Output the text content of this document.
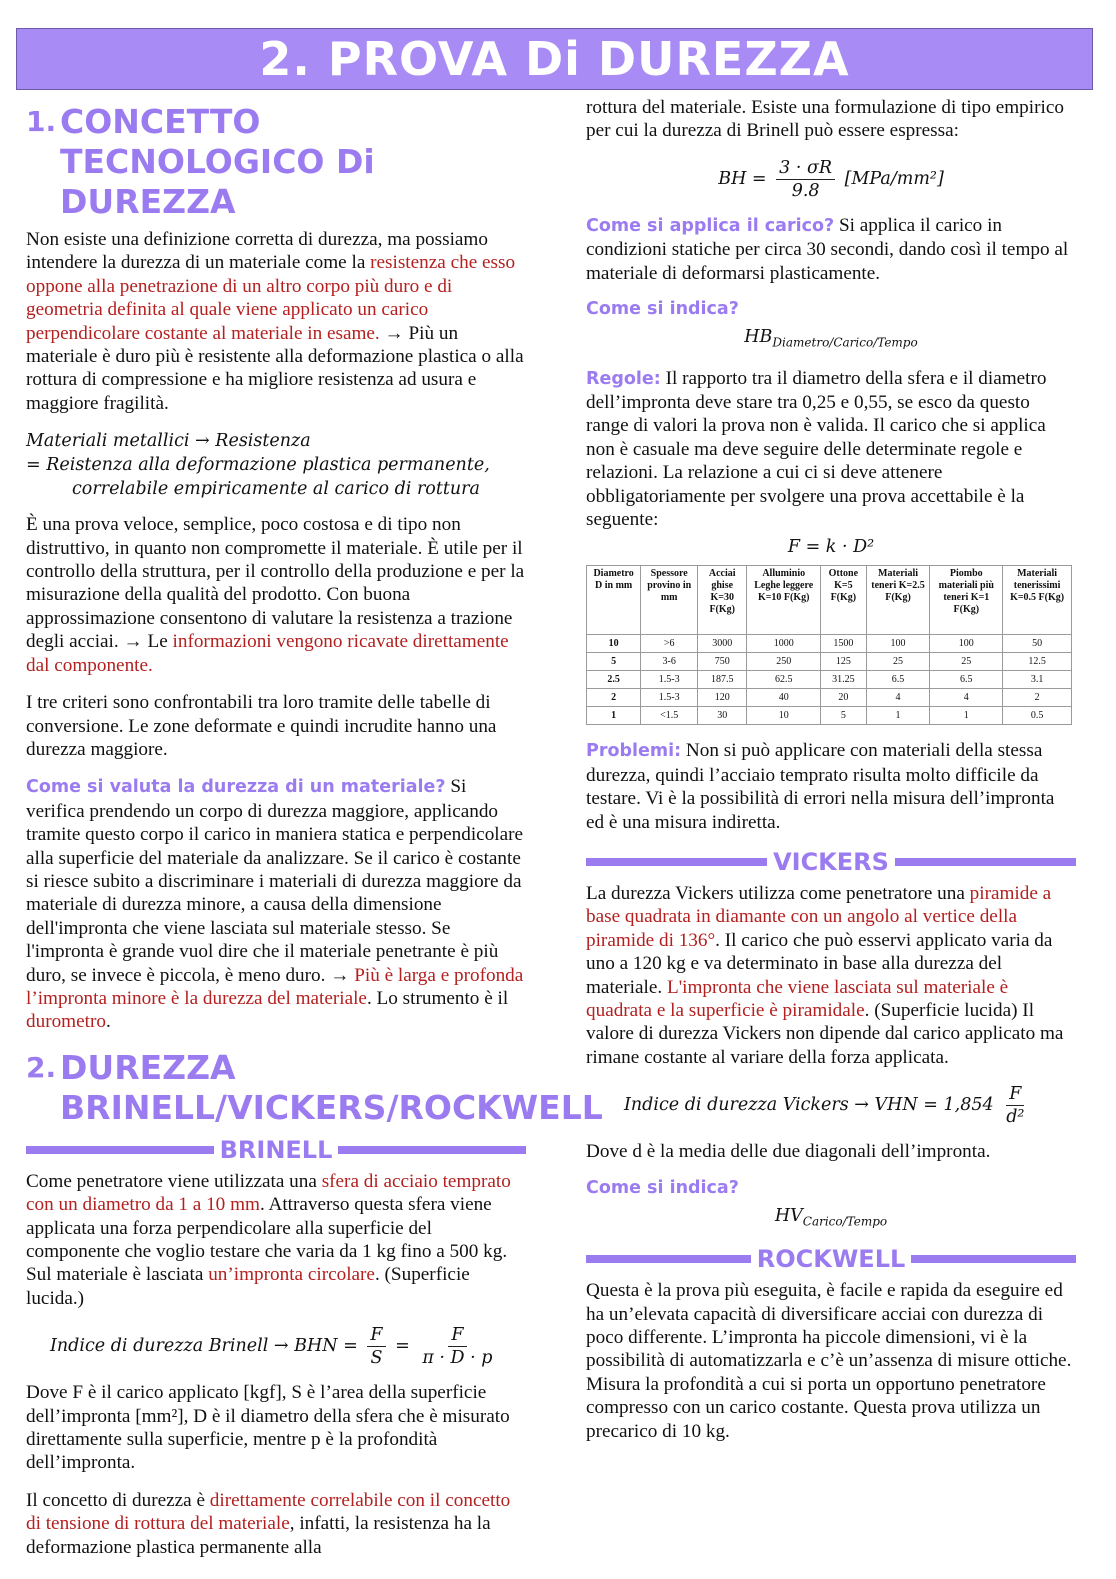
2. PROVA Di DUREZZA
1. CONCETTO TECNOLOGICO Di DUREZZA

Non esiste una definizione corretta di durezza, ma possiamo intendere la durezza di un materiale come la resistenza che esso oppone alla penetrazione di un altro corpo più duro e di geometria definita al quale viene applicato un carico perpendicolare costante al materiale in esame. → Più un materiale è duro più è resistente alla deformazione plastica o alla rottura di compressione e ha migliore resistenza ad usura e maggiore fragilità.

Materiali metallici → Resistenza
= Reistenza alla deformazione plastica permanente,
correlabile empiricamente al carico di rottura

È una prova veloce, semplice, poco costosa e di tipo non distruttivo, in quanto non compromette il materiale. È utile per il controllo della struttura, per il controllo della produzione e per la misurazione della qualità del prodotto. Con buona approssimazione consentono di valutare la resistenza a trazione degli acciai. → Le informazioni vengono ricavate direttamente dal componente.

I tre criteri sono confrontabili tra loro tramite delle tabelle di conversione. Le zone deformate e quindi incrudite hanno una durezza maggiore.

Come si valuta la durezza di un materiale? Si verifica prendendo un corpo di durezza maggiore, applicando tramite questo corpo il carico in maniera statica e perpendicolare alla superficie del materiale da analizzare. Se il carico è costante si riesce subito a discriminare i materiali di durezza maggiore da materiale di durezza minore, a causa della dimensione dell'impronta che viene lasciata sul materiale stesso. Se l'impronta è grande vuol dire che il materiale penetrante è più duro, se invece è piccola, è meno duro. → Più è larga e profonda l’impronta minore è la durezza del materiale. Lo strumento è il durometro.

2. DUREZZA BRINELL/VICKERS/ROCKWELL
BRINELL

Come penetratore viene utilizzata una sfera di acciaio temprato con un diametro da 1 a 10 mm. Attraverso questa sfera viene applicata una forza perpendicolare alla superficie del componente che voglio testare che varia da 1 kg fino a 500 kg. Sul materiale è lasciata un’impronta circolare. (Superficie lucida.)

Indice di durezza Brinell → BHN = $\frac{F}{S} = \frac{F}{\pi \cdot D \cdot p}$

Dove F è il carico applicato [kgf], S è l’area della superficie dell’impronta [mm²], D è il diametro della sfera che è misurato direttamente sulla superficie, mentre p è la profondità dell’impronta.

Il concetto di durezza è direttamente correlabile con il concetto di tensione di rottura del materiale, infatti, la resistenza ha la deformazione plastica permanente alla

rottura del materiale. Esiste una formulazione di tipo empirico per cui la durezza di Brinell può essere espressa:

BH = $\frac{3 \cdot \sigma R}{9.8} [MPa/mm^2]$

Come si applica il carico? Si applica il carico in condizioni statiche per circa 30 secondi, dando così il tempo al materiale di deformarsi plasticamente.

Come si indica?
$HB_{Diametro/Carico/Tempo}$

Regole: Il rapporto tra il diametro della sfera e il diametro dell’impronta deve stare tra 0,25 e 0,55, se esco da questo range di valori la prova non è valida. Il carico che si applica non è casuale ma deve seguire delle determinate regole e relazioni. La relazione a cui ci si deve attenere obbligatoriamente per svolgere una prova accettabile è la seguente:

F = k · D²
Diametro D in mm	Spessore provino in mm	Acciai ghise K=30 F(Kg)	Alluminio Leghe leggere K=10 F(Kg)	Ottone K=5 F(Kg)	Materiali teneri K=2.5 F(Kg)	Piombo materiali più teneri K=1 F(Kg)	Materiali tenerissimi K=0.5 F(Kg)
10	>6	3000	1000	1500	100	100	50
5	3-6	750	250	125	25	25	12.5
2.5	1.5-3	187.5	62.5	31.25	6.5	6.5	3.1
2	1.5-3	120	40	20	4	4	2
1	<1.5	30	10	5	1	1	0.5

Problemi: Non si può applicare con materiali della stessa durezza, quindi l’acciaio temprato risulta molto difficile da testare. Vi è la possibilità di errori nella misura dell’impronta ed è una misura indiretta.

VICKERS

La durezza Vickers utilizza come penetratore una piramide a base quadrata in diamante con un angolo al vertice della piramide di 136°. Il carico che può esservi applicato varia da uno a 120 kg e va determinato in base alla durezza del materiale. L'impronta che viene lasciata sul materiale è quadrata e la superficie è piramidale. (Superficie lucida) Il valore di durezza Vickers non dipende dal carico applicato ma rimane costante al variare della forza applicata.

Indice di durezza Vickers → VHN = $1,854 \frac{F}{\text{d²}}$

Dove d è la media delle due diagonali dell’impronta.

Come si indica?
$HV_{Carico/Tempo}$
ROCKWELL

Questa è la prova più eseguita, è facile e rapida da eseguire ed ha un’elevata capacità di diversificare acciai con durezza di poco differente. L’impronta ha piccole dimensioni, vi è la possibilità di automatizzarla e c’è un’assenza di misure ottiche.

Misura la profondità a cui si porta un opportuno penetratore compresso con un carico costante. Questa prova utilizza un precarico di 10 kg.
